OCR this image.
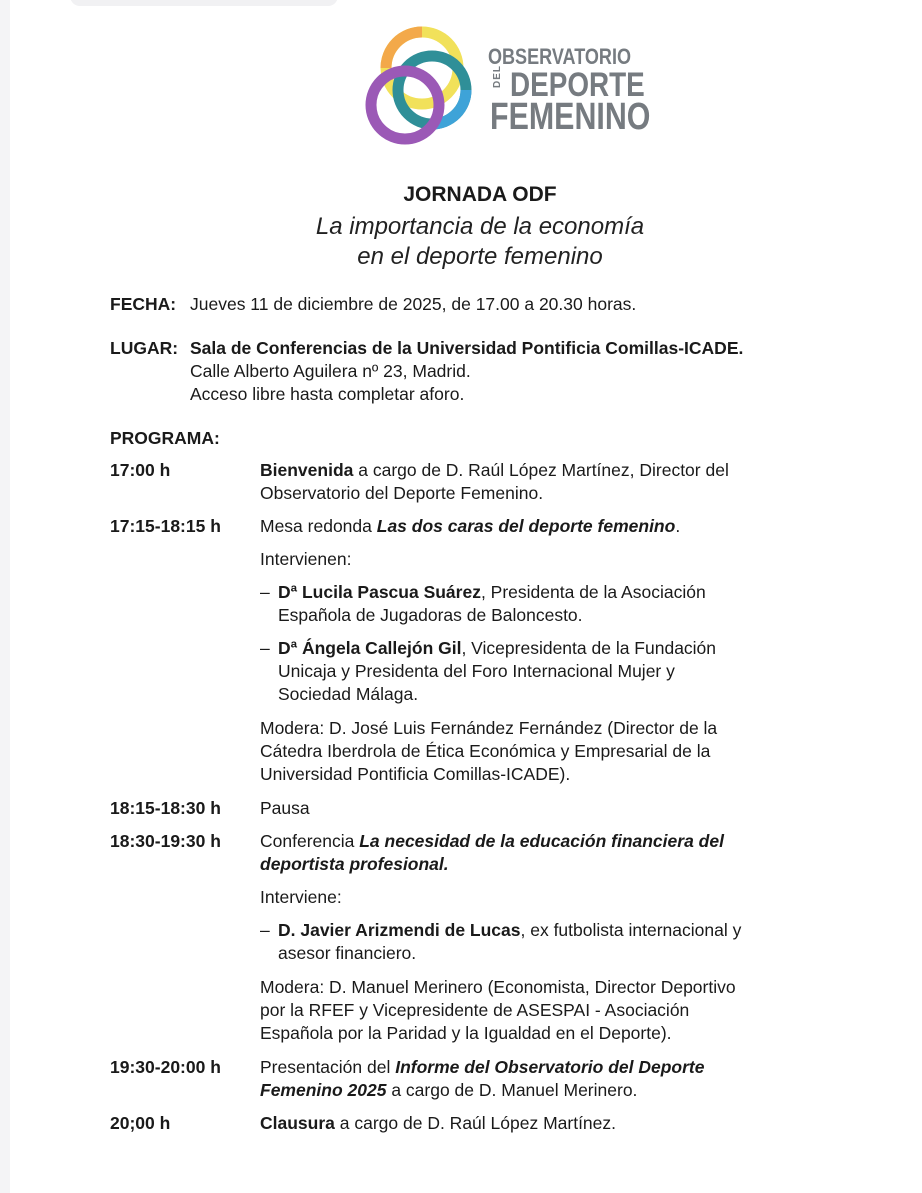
OBSERVATORIO
DEL DEPORTE
FEMENINO
JORNADA ODF
La importancia de la economía
en el deporte femenino
FECHA: Jueves 11 de diciembre de 2025, de 17.00 a 20.30 horas.
LUGAR: Sala de Conferencias de la Universidad Pontificia Comillas-ICADE.
Calle Alberto Aguilera nº 23, Madrid.
Acceso libre hasta completar aforo.
PROGRAMA:
17:00 h	Bienvenida a cargo de D. Raúl López Martínez, Director del
Observatorio del Deporte Femenino.
17:15-18:15 h Mesa redonda Las dos caras del deporte femenino.
Intervienen:
– Dª Lucila Pascua Suárez, Presidenta de la Asociación
Española de Jugadoras de Baloncesto.
– Dª Ángela Callejón Gil, Vicepresidenta de la Fundación
Unicaja y Presidenta del Foro Internacional Mujer y
Sociedad Málaga.
Modera: D. José Luis Fernández Fernández (Director de la
Cátedra Iberdrola de Ética Económica y Empresarial de la
Universidad Pontificia Comillas-ICADE).
18:15-18:30 h Pausa
18:30-19:30 h Conferencia La necesidad de la educación financiera del
deportista profesional.
Interviene:
– D. Javier Arizmendi de Lucas, ex futbolista internacional y
asesor financiero.
Modera: D. Manuel Merinero (Economista, Director Deportivo
por la RFEF y Vicepresidente de ASESPAI - Asociación
Española por la Paridad y la Igualdad en el Deporte).
19:30-20:00 h Presentación del Informe del Observatorio del Deporte
Femenino 2025 a cargo de D. Manuel Merinero.
20;00 h	Clausura a cargo de D. Raúl López Martínez.
